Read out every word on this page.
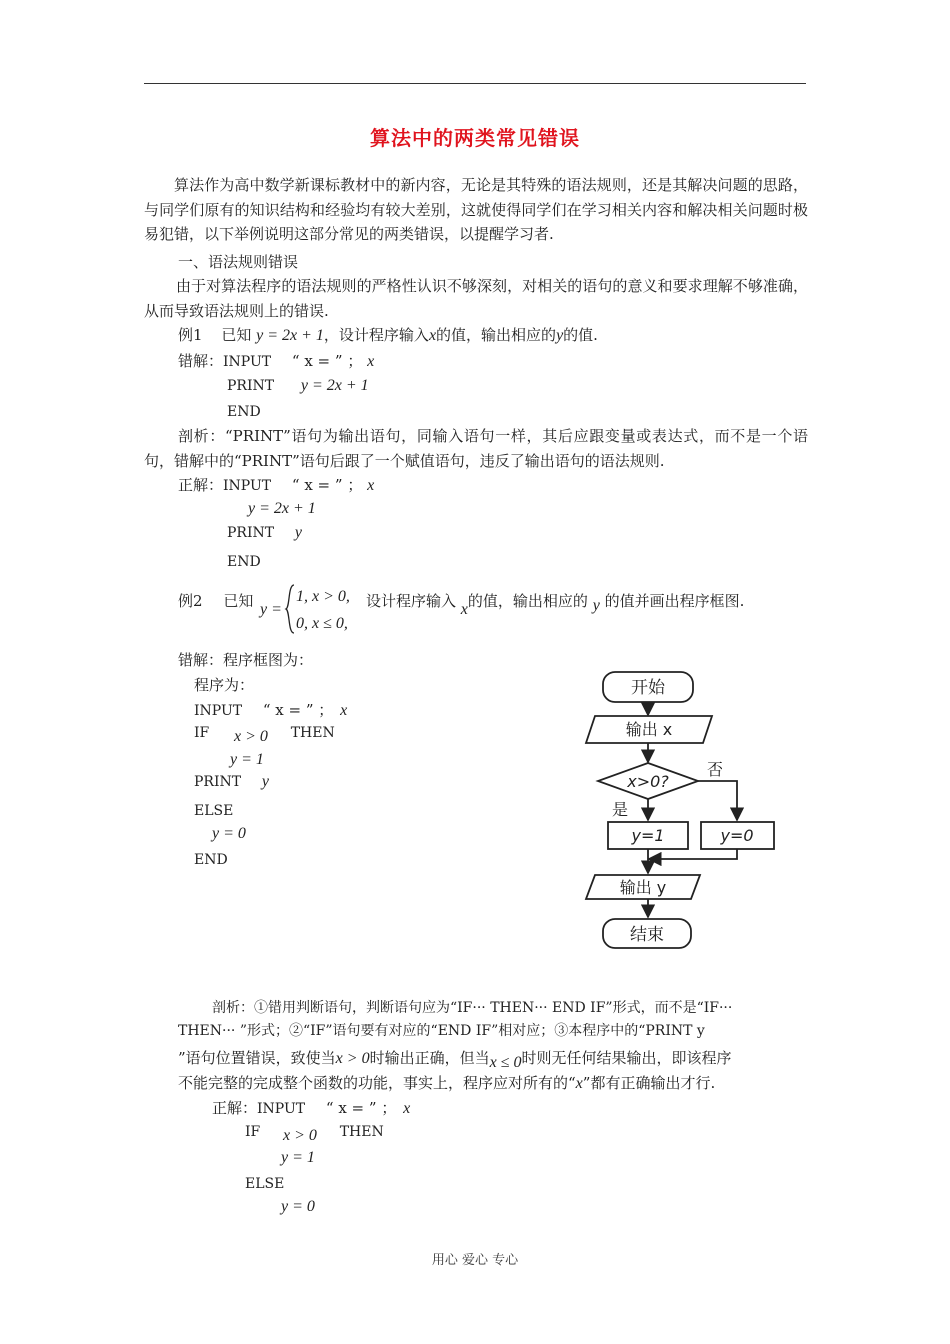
算法中的两类常见错误
算法作为高中数学新课标教材中的新内容，无论是其特殊的语法规则，还是其解决问题的思路，与同学们原有的知识结构和经验均有较大差别，这就使得同学们在学习相关内容和解决相关问题时极易犯错，以下举例说明这部分常见的两类错误，以提醒学习者.
一、语法规则错误
由于对算法程序的语法规则的严格性认识不够深刻，对相关的语句的意义和要求理解不够准确，从而导致语法规则上的错误.
例1 已知 y = 2x + 1，设计程序输入x的值，输出相应的y的值.
错解：INPUT “ x = ” ； x
PRINT y = 2x + 1
END
剖析：“PRINT”语句为输出语句，同输入语句一样，其后应跟变量或表达式，而不是一个语句，错解中的“PRINT”语句后跟了一个赋值语句，违反了输出语句的语法规则.
正解：INPUT “ x = ” ； x
y = 2x + 1
PRINT y
END
例2 已知 y =
1, x > 0,
0, x ≤ 0,
设计程序输入 x的值，输出相应的 y 的值并画出程序框图.
错解：程序框图为：
程序为：
INPUT “ x = ” ； x
IF x > 0 THEN
y = 1
PRINT y
ELSE
y = 0
END
开始
输出 x
x>0?
是
否
y=1	y=0
输出 y
结束
剖析：①错用判断语句，判断语句应为“IF··· THEN··· END IF”形式，而不是“IF···
THEN··· ”形式；②“IF”语句要有对应的“END IF”相对应；③本程序中的“PRINT y
”语句位置错误，致使当x > 0时输出正确，但当x ≤ 0时则无任何结果输出，即该程序
不能完整的完成整个函数的功能，事实上，程序应对所有的“x”都有正确输出才行.
正解：INPUT “ x = ” ； x
IF x > 0 THEN
y = 1
ELSE
y = 0
用心 爱心 专心
